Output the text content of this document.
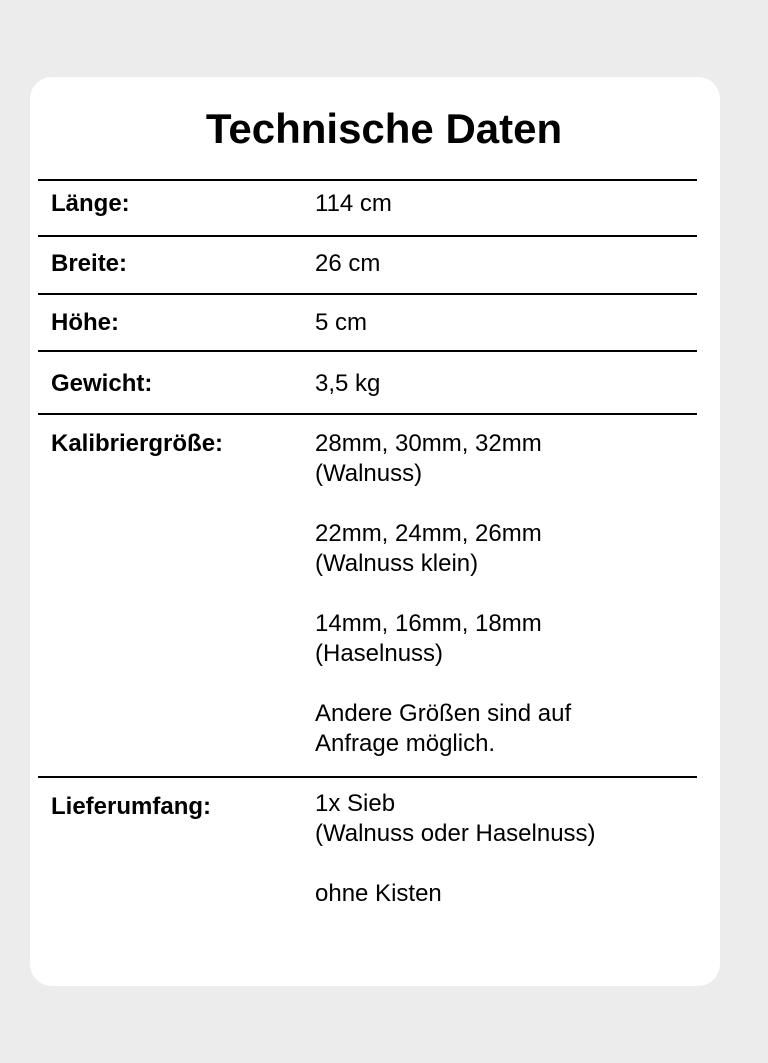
Technische Daten
Länge:	114 cm
Breite:	26 cm
Höhe:	5 cm
Gewicht:	3,5 kg
Kalibriergröße:	28mm, 30mm, 32mm
(Walnuss)
22mm, 24mm, 26mm
(Walnuss klein)
14mm, 16mm, 18mm
(Haselnuss)
Andere Größen sind auf
Anfrage möglich.
Lieferumfang:	1x Sieb
(Walnuss oder Haselnuss)
ohne Kisten
